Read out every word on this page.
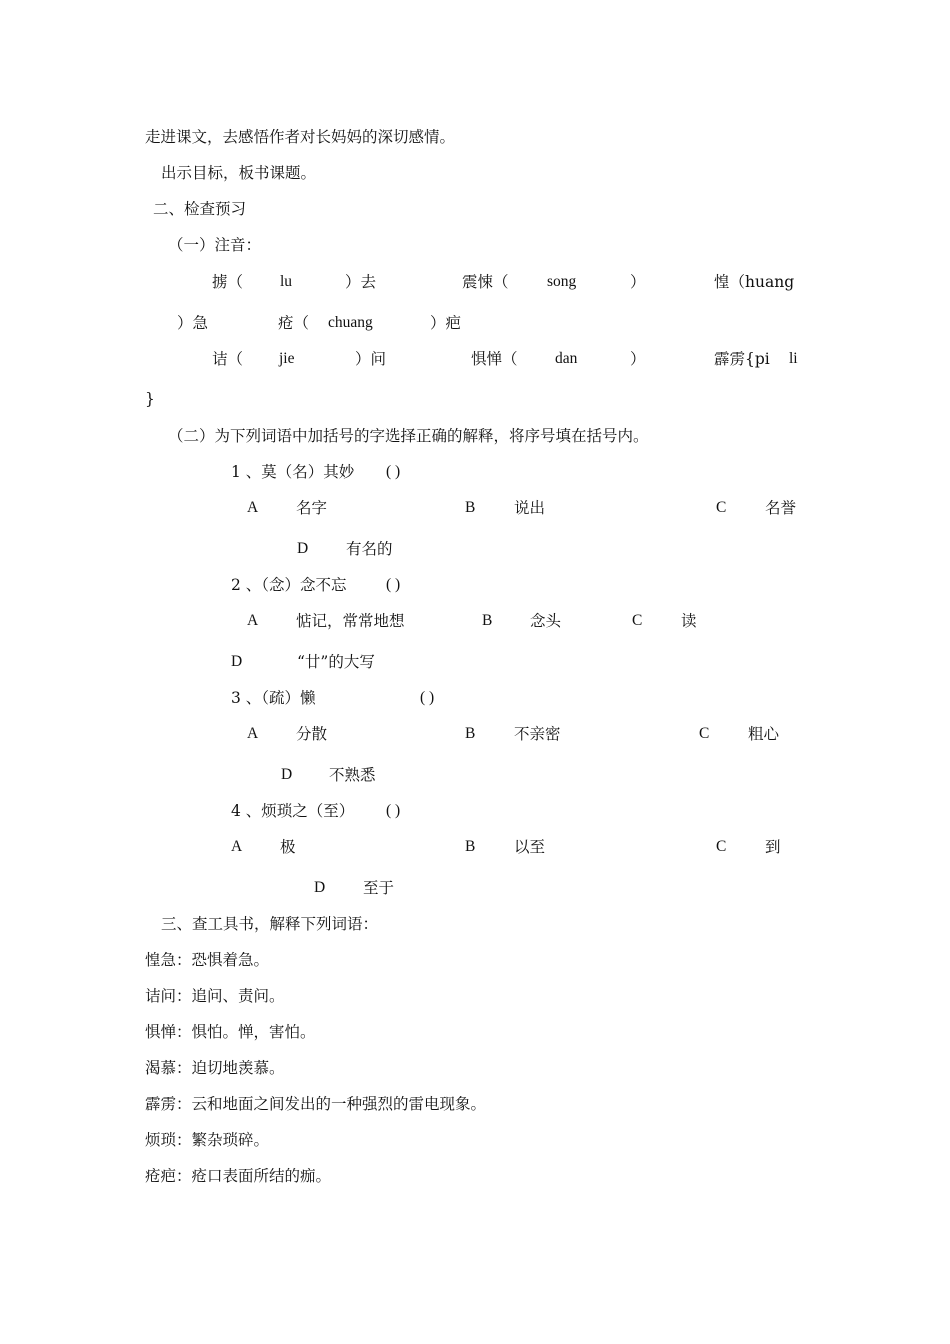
走进课文，去感悟作者对长妈妈的深切感情。
出示目标，板书课题。
二、检查预习
（一）注音：
掳（ lu	）去	震悚（ song	）	惶（huang
）急	疮（ chuang	）疤
诘（ jie	）问	惧惮（ dan	）	霹雳{pi li
}
（二）为下列词语中加括号的字选择正确的解释，将序号填在括号内。
1 、莫（名）其妙 ( )
A 名字	B 说出	C 名誉
D 有名的
2 、（念）念不忘	( )
A 惦记，常常地想	B 念头	C 读
D	“廿”的大写
3 、（疏）懒	( )
A 分散	B 不亲密	C 粗心
D 不熟悉
4 、烦琐之（至） ( )
A 极	B 以至	C 到
D 至于
三、查工具书，解释下列词语：
惶急：恐惧着急。
诘问：追问、责问。
惧惮：惧怕。惮，害怕。
渴慕：迫切地羡慕。
霹雳：云和地面之间发出的一种强烈的雷电现象。
烦琐：繁杂琐碎。
疮疤：疮口表面所结的痂。
